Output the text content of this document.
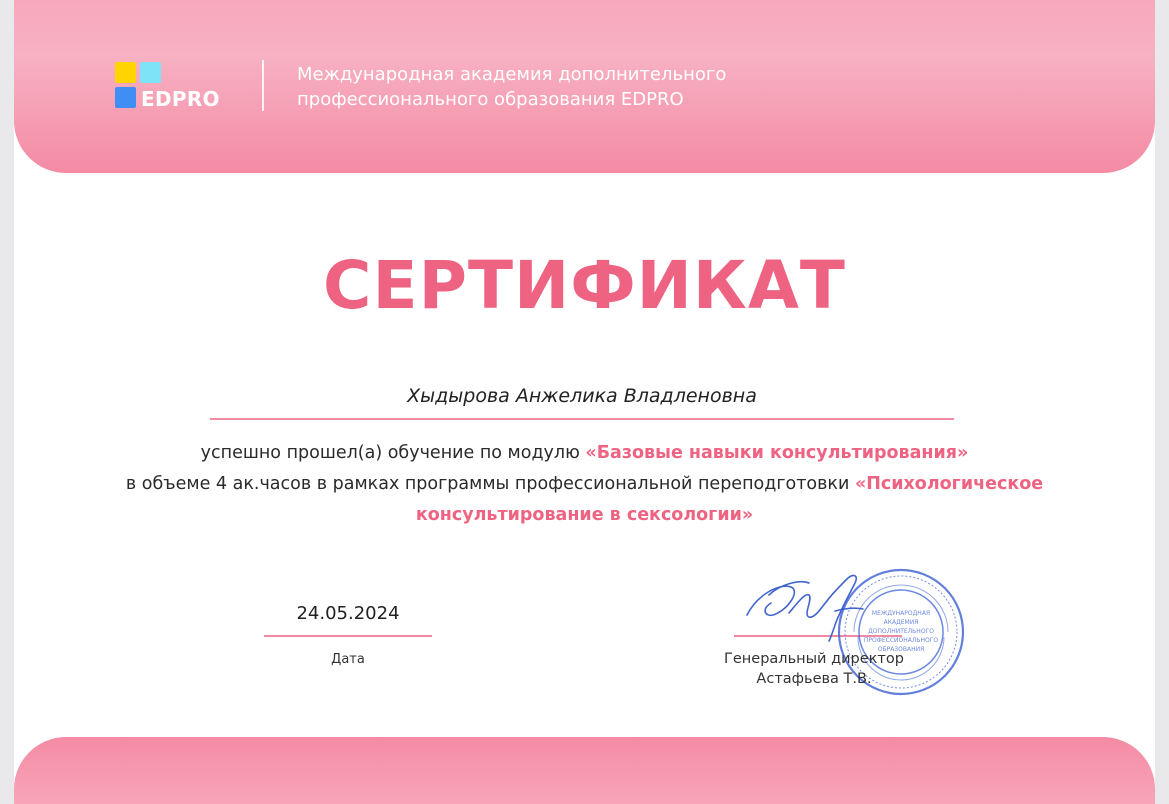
EDPRO
Международная академия дополнительного
профессионального образования EDPRO
СЕРТИФИКАТ
Хыдырова Анжелика Владленовна
успешно прошел(а) обучение по модулю «Базовые навыки консультирования»
в объеме 4 ак.часов в рамках программы профессиональной переподготовки «Психологическое
консультирование в сексологии»
24.05.2024
Дата
МЕЖДУНАРОДНАЯ
АКАДЕМИЯ
ДОПОЛНИТЕЛЬНОГО
ПРОФЕССИОНАЛЬНОГО
ОБРАЗОВАНИЯ
Генеральный директор
Астафьева Т.В.
